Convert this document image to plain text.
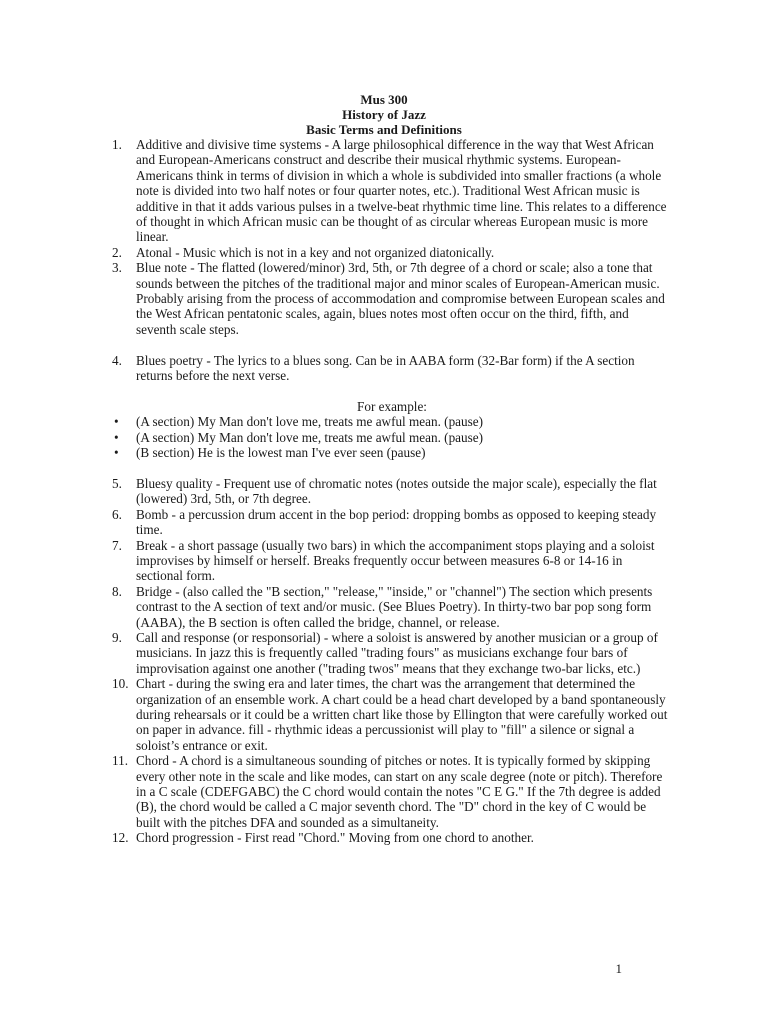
Mus 300
History of Jazz
Basic Terms and Definitions
1. Additive and divisive time systems - A large philosophical difference in the way that West African and European-Americans construct and describe their musical rhythmic systems. European-Americans think in terms of division in which a whole is subdivided into smaller fractions (a whole note is divided into two half notes or four quarter notes, etc.). Traditional West African music is additive in that it adds various pulses in a twelve-beat rhythmic time line. This relates to a difference of thought in which African music can be thought of as circular whereas European music is more linear.
2. Atonal - Music which is not in a key and not organized diatonically.
3. Blue note - The flatted (lowered/minor) 3rd, 5th, or 7th degree of a chord or scale; also a tone that sounds between the pitches of the traditional major and minor scales of European-American music. Probably arising from the process of accommodation and compromise between European scales and the West African pentatonic scales, again, blues notes most often occur on the third, fifth, and seventh scale steps.
4. Blues poetry - The lyrics to a blues song. Can be in AABA form (32-Bar form) if the A section returns before the next verse.
For example:
• (A section) My Man don't love me, treats me awful mean. (pause)
• (A section) My Man don't love me, treats me awful mean. (pause)
• (B section) He is the lowest man I've ever seen (pause)
5. Bluesy quality - Frequent use of chromatic notes (notes outside the major scale), especially the flat (lowered) 3rd, 5th, or 7th degree.
6. Bomb - a percussion drum accent in the bop period: dropping bombs as opposed to keeping steady time.
7. Break - a short passage (usually two bars) in which the accompaniment stops playing and a soloist improvises by himself or herself. Breaks frequently occur between measures 6-8 or 14-16 in sectional form.
8. Bridge - (also called the "B section," "release," "inside," or "channel") The section which presents contrast to the A section of text and/or music. (See Blues Poetry). In thirty-two bar pop song form (AABA), the B section is often called the bridge, channel, or release.
9. Call and response (or responsorial) - where a soloist is answered by another musician or a group of musicians. In jazz this is frequently called "trading fours" as musicians exchange four bars of improvisation against one another ("trading twos" means that they exchange two-bar licks, etc.)
10. Chart - during the swing era and later times, the chart was the arrangement that determined the organization of an ensemble work. A chart could be a head chart developed by a band spontaneously during rehearsals or it could be a written chart like those by Ellington that were carefully worked out on paper in advance. fill - rhythmic ideas a percussionist will play to "fill" a silence or signal a soloist’s entrance or exit.
11. Chord - A chord is a simultaneous sounding of pitches or notes. It is typically formed by skipping every other note in the scale and like modes, can start on any scale degree (note or pitch). Therefore in a C scale (CDEFGABC) the C chord would contain the notes "C E G." If the 7th degree is added (B), the chord would be called a C major seventh chord. The "D" chord in the key of C would be built with the pitches DFA and sounded as a simultaneity.
12. Chord progression - First read "Chord." Moving from one chord to another.
1
